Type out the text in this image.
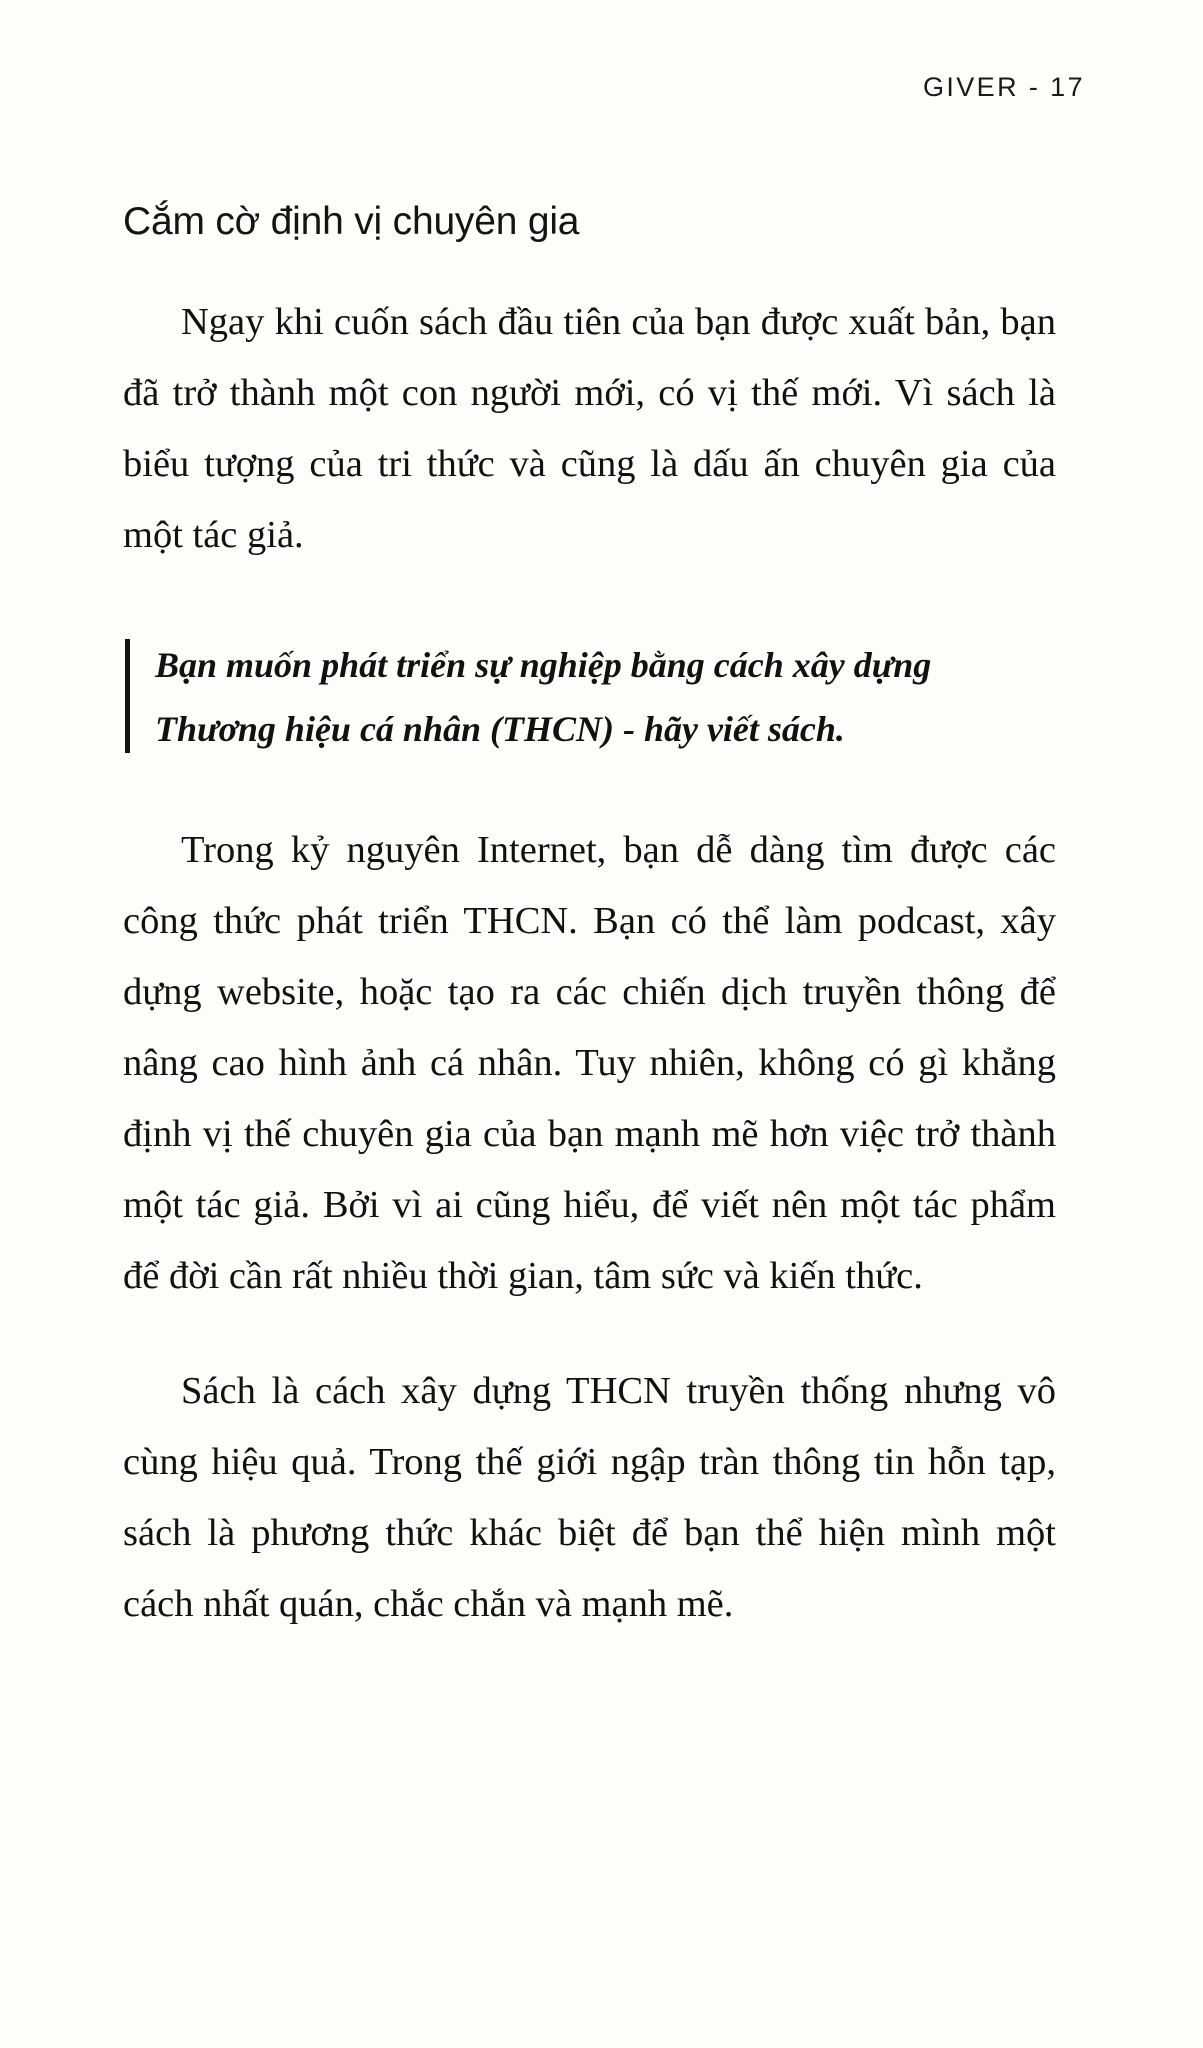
GIVER - 17
Cắm cờ định vị chuyên gia

Ngay khi cuốn sách đầu tiên của bạn được xuất bản, bạn đã trở thành một con người mới, có vị thế mới. Vì sách là biểu tượng của tri thức và cũng là dấu ấn chuyên gia của một tác giả.

Bạn muốn phát triển sự nghiệp bằng cách xây dựng Thương hiệu cá nhân (THCN) - hãy viết sách.

Trong kỷ nguyên Internet, bạn dễ dàng tìm được các công thức phát triển THCN. Bạn có thể làm podcast, xây dựng website, hoặc tạo ra các chiến dịch truyền thông để nâng cao hình ảnh cá nhân. Tuy nhiên, không có gì khẳng định vị thế chuyên gia của bạn mạnh mẽ hơn việc trở thành một tác giả. Bởi vì ai cũng hiểu, để viết nên một tác phẩm để đời cần rất nhiều thời gian, tâm sức và kiến thức.

Sách là cách xây dựng THCN truyền thống nhưng vô cùng hiệu quả. Trong thế giới ngập tràn thông tin hỗn tạp, sách là phương thức khác biệt để bạn thể hiện mình một cách nhất quán, chắc chắn và mạnh mẽ.
